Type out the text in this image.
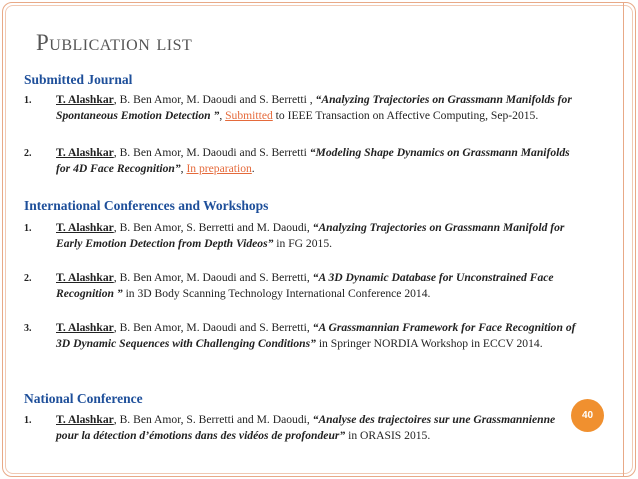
Publication list
Submitted Journal
1. T. Alashkar, B. Ben Amor, M. Daoudi and S. Berretti , “Analyzing Trajectories on Grassmann Manifolds for Spontaneous Emotion Detection ”, Submitted to IEEE Transaction on Affective Computing, Sep-2015.
2. T. Alashkar, B. Ben Amor, M. Daoudi and S. Berretti “Modeling Shape Dynamics on Grassmann Manifolds for 4D Face Recognition”, In preparation.
International Conferences and Workshops
1. T. Alashkar, B. Ben Amor, S. Berretti and M. Daoudi, “Analyzing Trajectories on Grassmann Manifold for Early Emotion Detection from Depth Videos” in FG 2015.
2. T. Alashkar, B. Ben Amor, M. Daoudi and S. Berretti, “A 3D Dynamic Database for Unconstrained Face Recognition ” in 3D Body Scanning Technology International Conference 2014.
3. T. Alashkar, B. Ben Amor, M. Daoudi and S. Berretti, “A Grassmannian Framework for Face Recognition of 3D Dynamic Sequences with Challenging Conditions” in Springer NORDIA Workshop in ECCV 2014.
National Conference
1. T. Alashkar, B. Ben Amor, S. Berretti and M. Daoudi, “Analyse des trajectoires sur une Grassmannienne pour la détection d’émotions dans des vidéos de profondeur” in ORASIS 2015.
40
